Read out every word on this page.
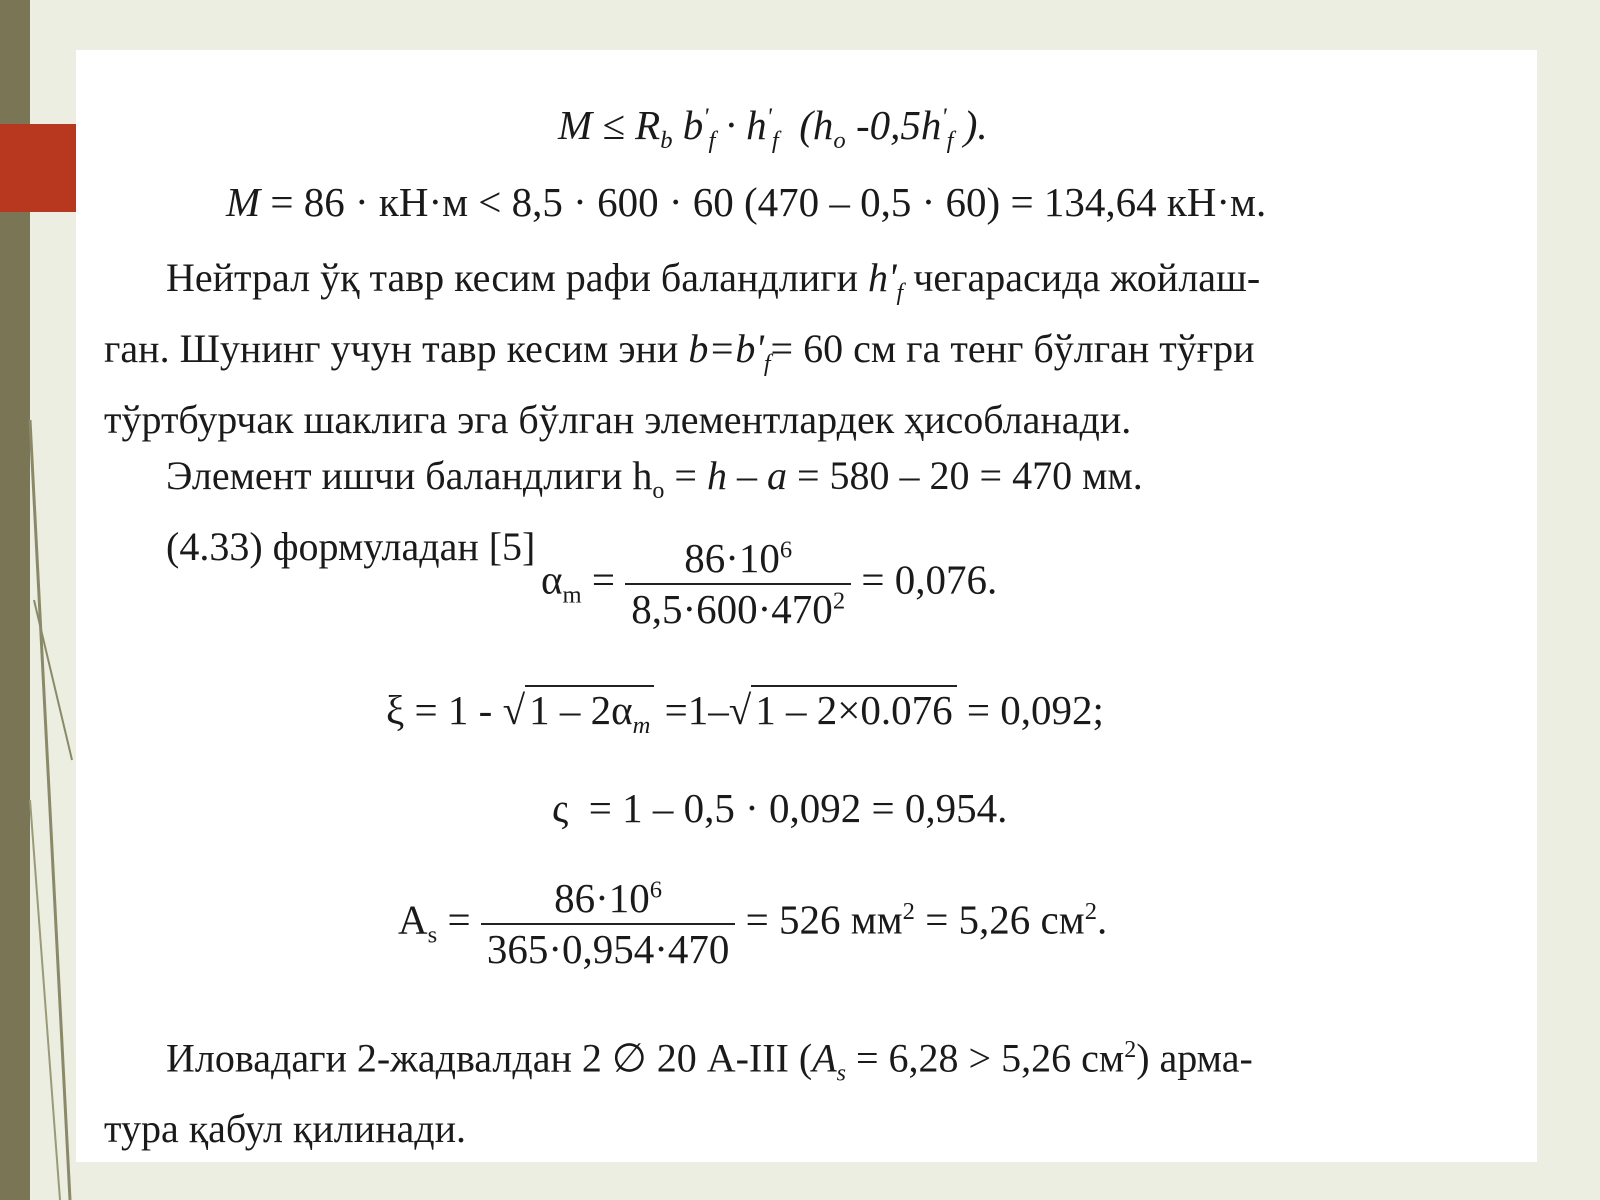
$M \le R_b$ $b'_f \cdot h'_f$ ($h_o$ $-0,5h'_f$ ).
M = 86 · кН·м < 8,5 · 600 · 60 (470 – 0,5 · 60) = 134,64 кН·м.

Нейтрал ўқ тавр кесим рафи баландлиги $h'_f$ чегарасида жойлаш-

ган. Шунинг учун тавр кесим эни $b=b'_f= 60$ см га тенг бўлган тўғри

тўртбурчак шаклига эга бўлган элементлардек ҳисобланади.

Элемент ишчи баландлиги $h_o = h - a = 580 - 20 = 470$ мм.

(4.33) формуладан [5]

$\alpha_m = \frac{86\cdot 10^6}{8,5\cdot 600\cdot 470^2} = 0,076$.
$\xi = 1 - √1 - 2\alpha_m =1-√1 - 2\times 0.076 = 0,092$;
ς = 1 – 0,5 · 0,092 = 0,954.
$A_s = \frac{86\cdot 10^6}{365\cdot 0,954\cdot 470} = 526$ $мм^2 = 5,26$ $см^2$.

Иловадаги 2-жадвалдан 2 ∅ 20 А-III ($A_s = 6,28 > 5,26$ $см^2$) арма-

тура қабул қилинади.
